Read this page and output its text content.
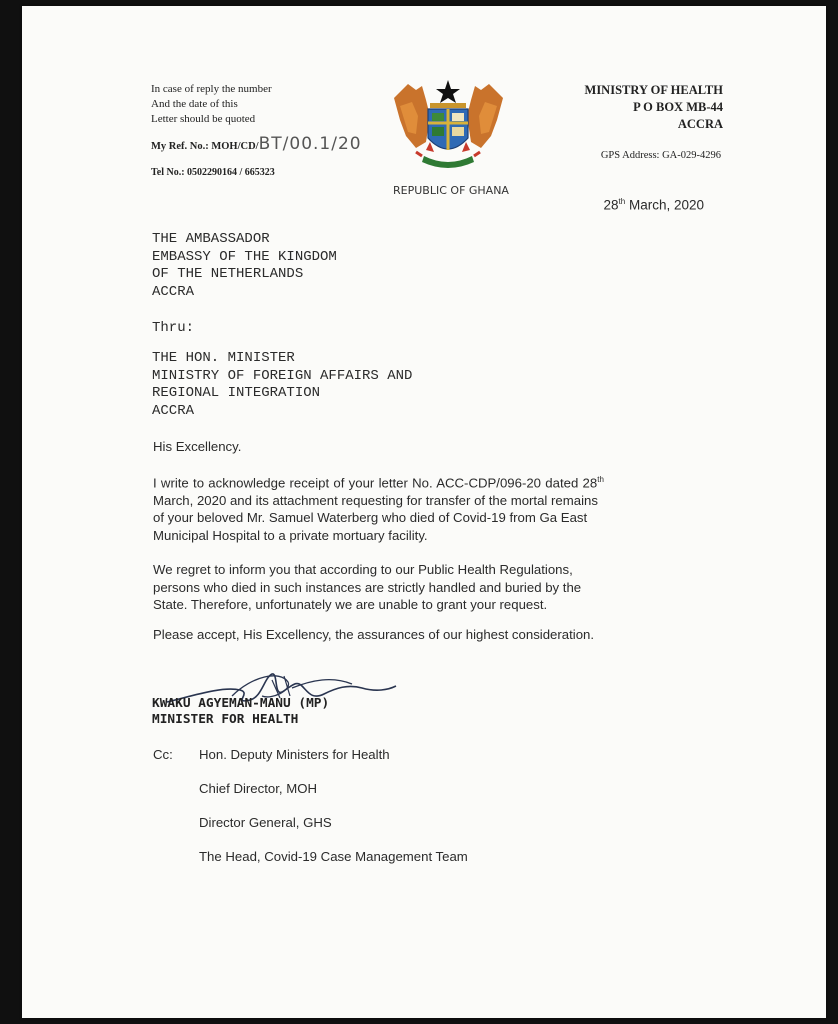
In case of reply the number
And the date of this
Letter should be quoted
My Ref. No.: MOH/CD/BT/00.1/20
Tel No.: 0502290164 / 665323
REPUBLIC OF GHANA
MINISTRY OF HEALTH
P O BOX MB-44
ACCRA
GPS Address: GA-029-4296
28th March, 2020
THE AMBASSADOR
EMBASSY OF THE KINGDOM
OF THE NETHERLANDS
ACCRA
Thru:
THE HON. MINISTER
MINISTRY OF FOREIGN AFFAIRS AND
REGIONAL INTEGRATION
ACCRA
His Excellency.
I write to acknowledge receipt of your letter No. ACC-CDP/096-20 dated 28th
March, 2020 and its attachment requesting for transfer of the mortal remains
of your beloved Mr. Samuel Waterberg who died of Covid-19 from Ga East
Municipal Hospital to a private mortuary facility.
We regret to inform you that according to our Public Health Regulations,
persons who died in such instances are strictly handled and buried by the
State. Therefore, unfortunately we are unable to grant your request.
Please accept, His Excellency, the assurances of our highest consideration.
KWAKU AGYEMAN-MANU (MP)
MINISTER FOR HEALTH
Cc: Hon. Deputy Ministers for Health
Chief Director, MOH
Director General, GHS
The Head, Covid-19 Case Management Team
